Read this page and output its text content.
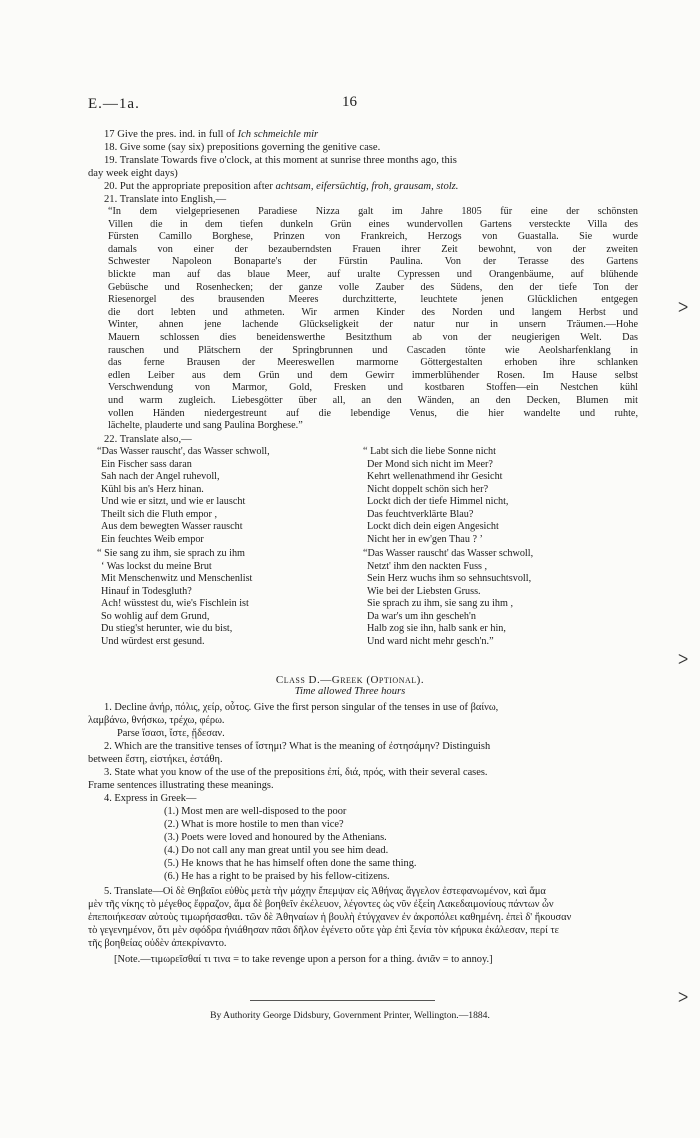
E.—1a.	16
17 Give the pres. ind. in full of Ich schmeichle mir
18. Give some (say six) prepositions governing the genitive case.
19. Translate Towards five o'clock, at this moment at sunrise three months ago, this
day week eight days)
20. Put the appropriate preposition after achtsam, eifersüchtig, froh, grausam, stolz.
21. Translate into English,—
“In dem vielgepriesenen Paradiese Nizza galt im Jahre 1805 für eine der schönsten
Villen die in dem tiefen dunkeln Grün eines wundervollen Gartens versteckte Villa des
Fürsten Camillo Borghese, Prinzen von Frankreich, Herzogs von Guastalla. Sie wurde
damals von einer der bezauberndsten Frauen ihrer Zeit bewohnt, von der zweiten
Schwester Napoleon Bonaparte's der Fürstin Paulina. Von der Terasse des Gartens
blickte man auf das blaue Meer, auf uralte Cypressen und Orangenbäume, auf blühende
Gebüsche und Rosenhecken; der ganze volle Zauber des Südens, den der tiefe Ton der
Riesenorgel des brausenden Meeres durchzitterte, leuchtete jenen Glücklichen entgegen
die dort lebten und athmeten. Wir armen Kinder des Norden und langem Herbst und
Winter, ahnen jene lachende Glückseligkeit der natur nur in unsern Träumen.—Hohe
Mauern schlossen dies beneidenswerthe Besitzthum ab von der neugierigen Welt. Das
rauschen und Plätschern der Springbrunnen und Cascaden tönte wie Aeolsharfenklang in
das ferne Brausen der Meereswellen marmorne Göttergestalten erhoben ihre schlanken
edlen Leiber aus dem Grün und dem Gewirr immerblühender Rosen. Im Hause selbst
Verschwendung von Marmor, Gold, Fresken und kostbaren Stoffen—ein Nestchen kühl
und warm zugleich. Liebesgötter über all, an den Wänden, an den Decken, Blumen mit
vollen Händen niedergestreunt auf die lebendige Venus, die hier wandelte und ruhte,
lächelte, plauderte und sang Paulina Borghese.”
22. Translate also,—
“Das Wasser rauscht', das Wasser schwoll,
Ein Fischer sass daran
Sah nach der Angel ruhevoll,
Kühl bis an's Herz hinan.
Und wie er sitzt, und wie er lauscht
Theilt sich die Fluth empor ,
Aus dem bewegten Wasser rauscht
Ein feuchtes Weib empor
“ Labt sich die liebe Sonne nicht
Der Mond sich nicht im Meer?
Kehrt wellenathmend ihr Gesicht
Nicht doppelt schön sich her?
Lockt dich der tiefe Himmel nicht,
Das feuchtverklärte Blau?
Lockt dich dein eigen Angesicht
Nicht her in ew'gen Thau ? ’
“ Sie sang zu ihm, sie sprach zu ihm
‘ Was lockst du meine Brut
Mit Menschenwitz und Menschenlist
Hinauf in Todesgluth?
Ach! wüsstest du, wie's Fischlein ist
So wohlig auf dem Grund,
Du stieg'st herunter, wie du bist,
Und würdest erst gesund.
“Das Wasser rauscht' das Wasser schwoll,
Netzt' ihm den nackten Fuss ,
Sein Herz wuchs ihm so sehnsuchtsvoll,
Wie bei der Liebsten Gruss.
Sie sprach zu ihm, sie sang zu ihm ,
Da war's um ihn gescheh'n
Halb zog sie ihn, halb sank er hin,
Und ward nicht mehr gesch'n.”
Class D.—Greek (Optional).
Time allowed Three hours
1. Decline ἀνήρ, πόλις, χείρ, οὗτος. Give the first person singular of the tenses in use of βαίνω,
λαμβάνω, θνήσκω, τρέχω, φέρω.
Parse ἴσασι, ἴστε, ᾔδεσαν.
2. Which are the transitive tenses of ἵστημι? What is the meaning of ἐστησάμην? Distinguish
between ἔστη, εἱστήκει, ἐστάθη.
3. State what you know of the use of the prepositions ἐπί, διά, πρός, with their several cases.
Frame sentences illustrating these meanings.
4. Express in Greek—
(1.) Most men are well-disposed to the poor
(2.) What is more hostile to men than vice?
(3.) Poets were loved and honoured by the Athenians.
(4.) Do not call any man great until you see him dead.
(5.) He knows that he has himself often done the same thing.
(6.) He has a right to be praised by his fellow-citizens.
5. Translate—Οἱ δὲ Θηβαῖοι εὐθὺς μετὰ τὴν μάχην ἔπεμψαν εἰς Ἀθήνας ἄγγελον ἐστεφανωμένον, καὶ ἅμα
μὲν τῆς νίκης τὸ μέγεθος ἔφραζον, ἅμα δὲ βοηθεῖν ἐκέλευον, λέγοντες ὡς νῦν ἐξείη Λακεδαιμονίους πάντων ὧν
ἐπεποιήκεσαν αὐτοὺς τιμωρήσασθαι. τῶν δὲ Ἀθηναίων ἡ βουλὴ ἐτύγχανεν ἐν ἀκροπόλει καθημένη. ἐπεὶ δ' ἤκουσαν
τὸ γεγενημένον, ὅτι μὲν σφόδρα ἠνιάθησαν πᾶσι δῆλον ἐγένετο οὔτε γὰρ ἐπὶ ξενία τὸν κήρυκα ἐκάλεσαν, περί τε
τῆς βοηθείας οὐδὲν ἀπεκρίναντο.
[Note.—τιμωρεῖσθαί τι τινα = to take revenge upon a person for a thing. ἀνιᾶν = to annoy.]
By Authority George Didsbury, Government Printer, Wellington.—1884.
ᐳ
ᐳ
ᐳ
